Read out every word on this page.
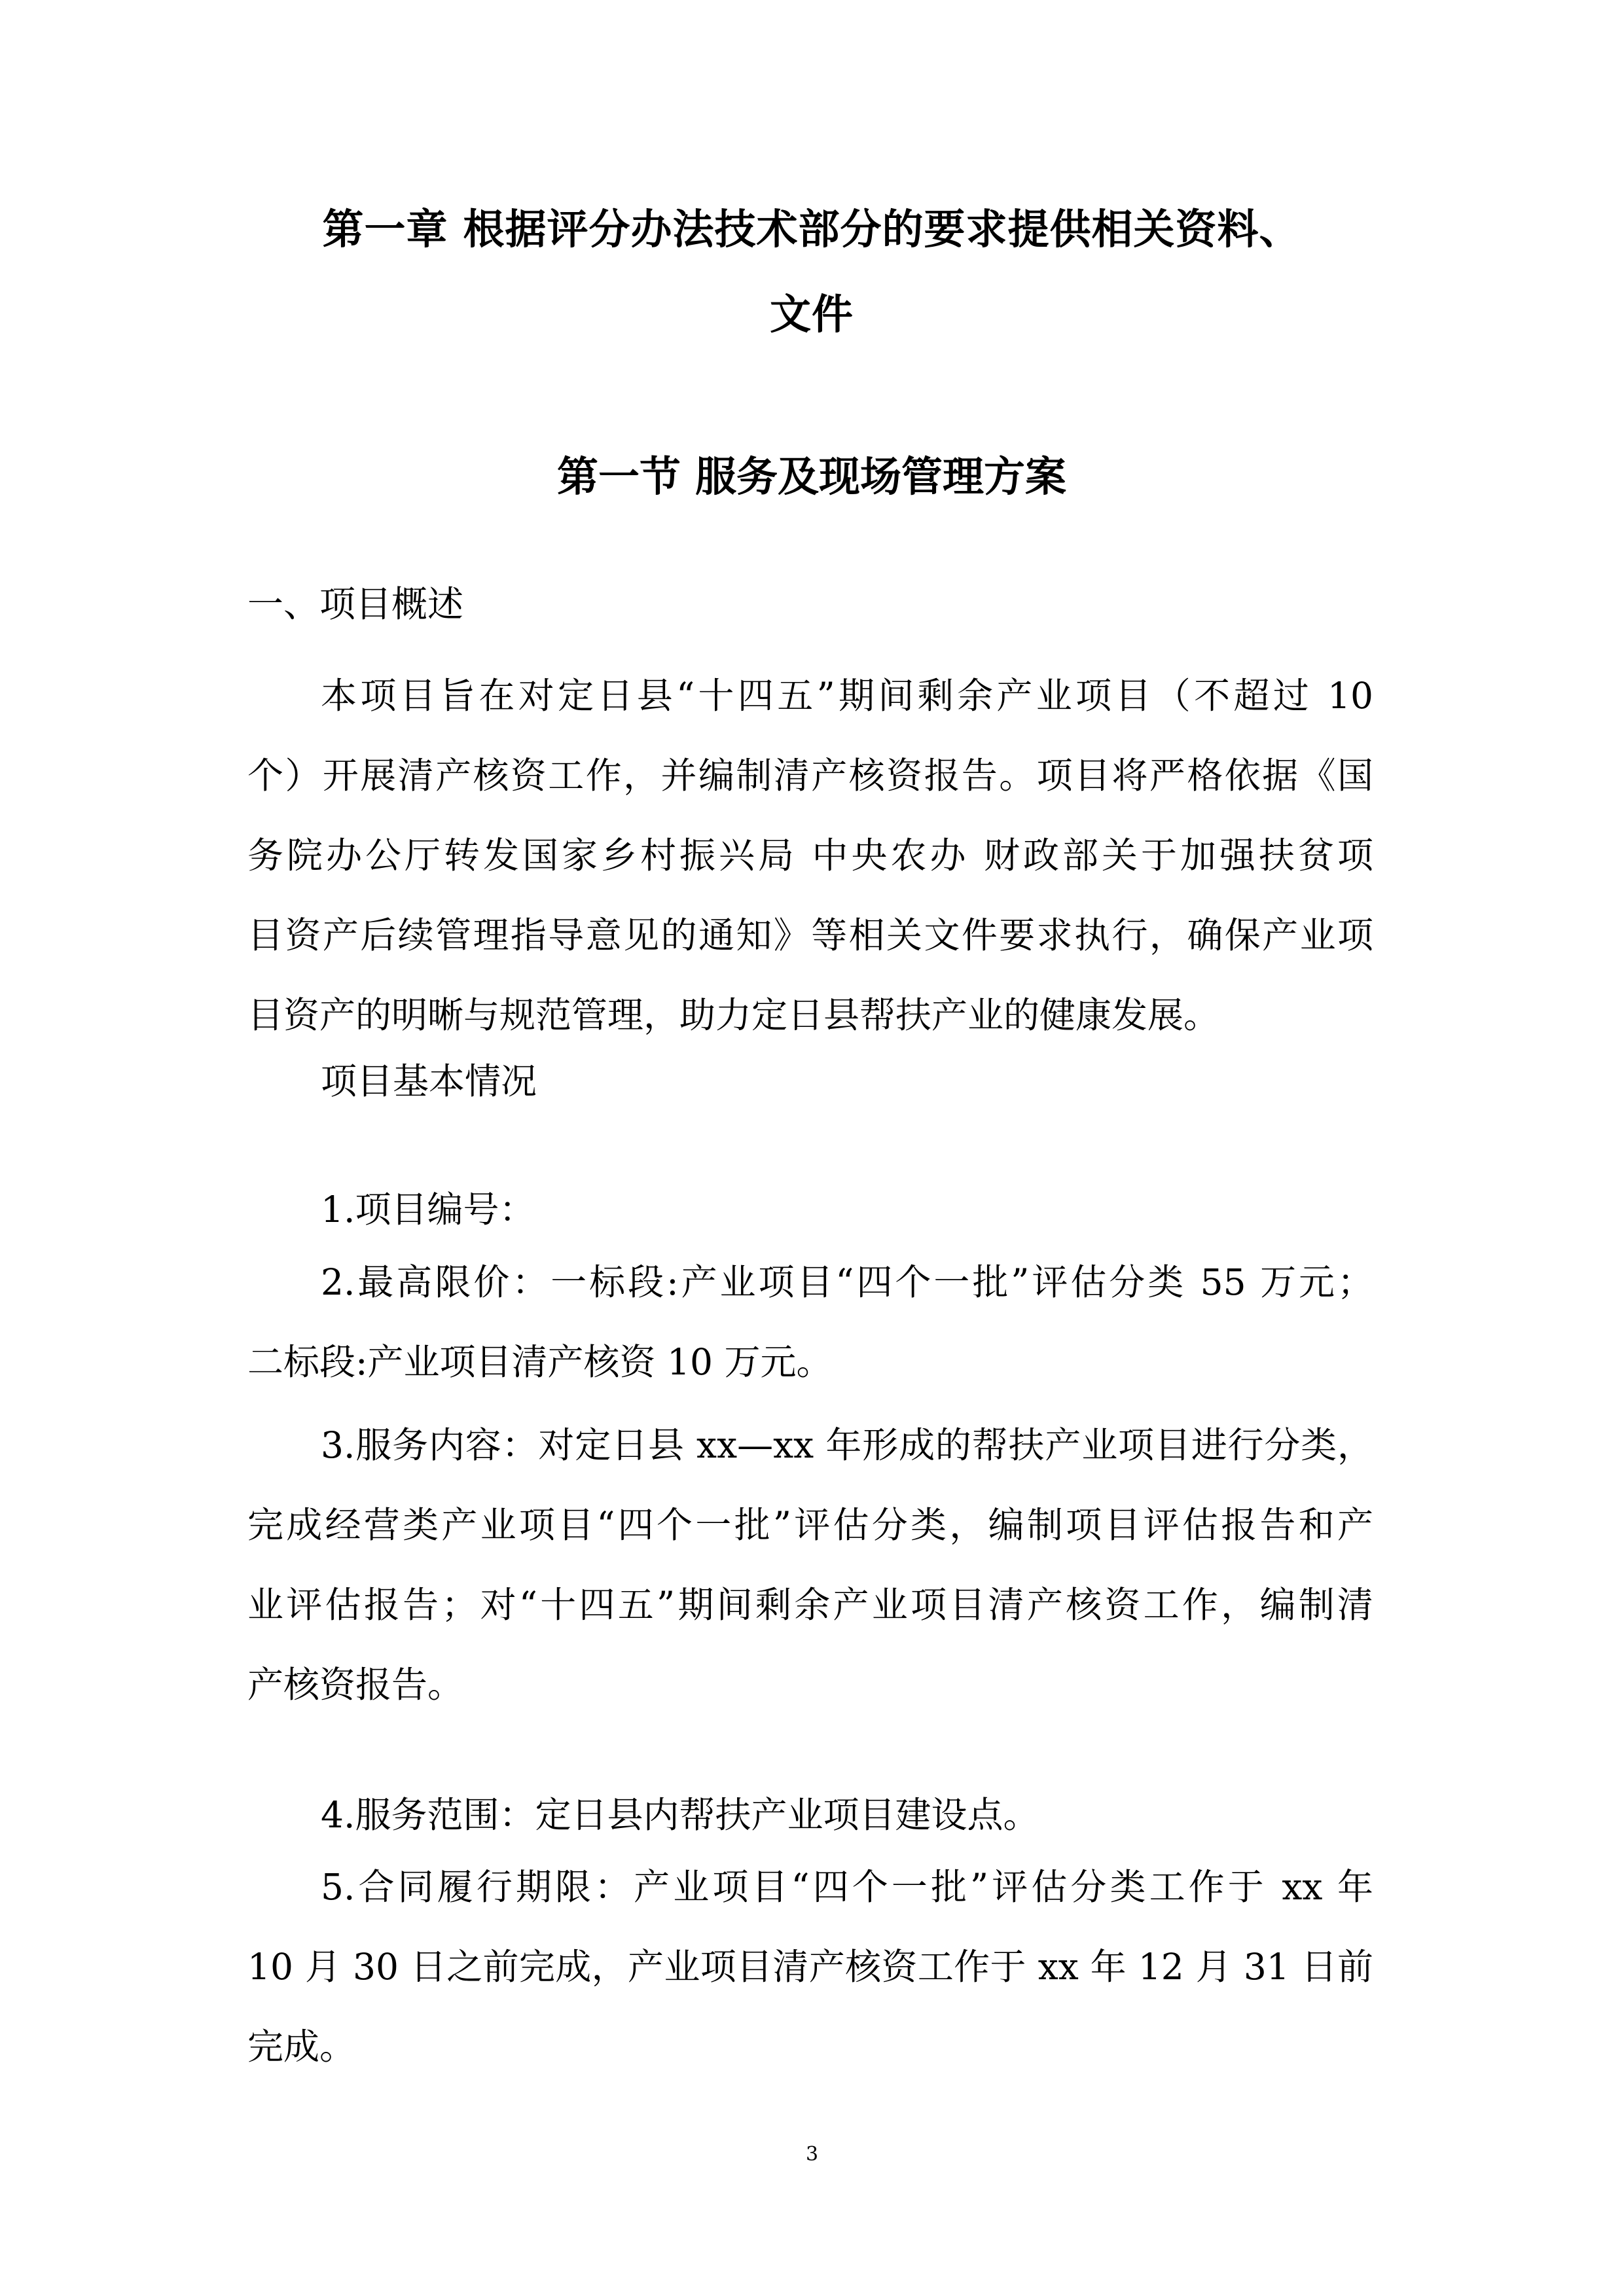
第一章 根据评分办法技术部分的要求提供相关资料、
文件
第一节 服务及现场管理方案
一、项目概述
本项目旨在对定日县“十四五”期间剩余产业项目（不超过 10
个）开展清产核资工作，并编制清产核资报告。项目将严格依据《国
务院办公厅转发国家乡村振兴局 中央农办 财政部关于加强扶贫项
目资产后续管理指导意见的通知》等相关文件要求执行，确保产业项
目资产的明晰与规范管理，助力定日县帮扶产业的健康发展。
项目基本情况
1.项目编号：
2.最高限价：一标段:产业项目“四个一批”评估分类 55 万元；
二标段:产业项目清产核资 10 万元。
3.服务内容：对定日县 xx—xx 年形成的帮扶产业项目进行分类，
完成经营类产业项目“四个一批”评估分类，编制项目评估报告和产
业评估报告；对“十四五”期间剩余产业项目清产核资工作，编制清
产核资报告。
4.服务范围：定日县内帮扶产业项目建设点。
5.合同履行期限：产业项目“四个一批”评估分类工作于 xx 年
10 月 30 日之前完成，产业项目清产核资工作于 xx 年 12 月 31 日前
完成。
3
